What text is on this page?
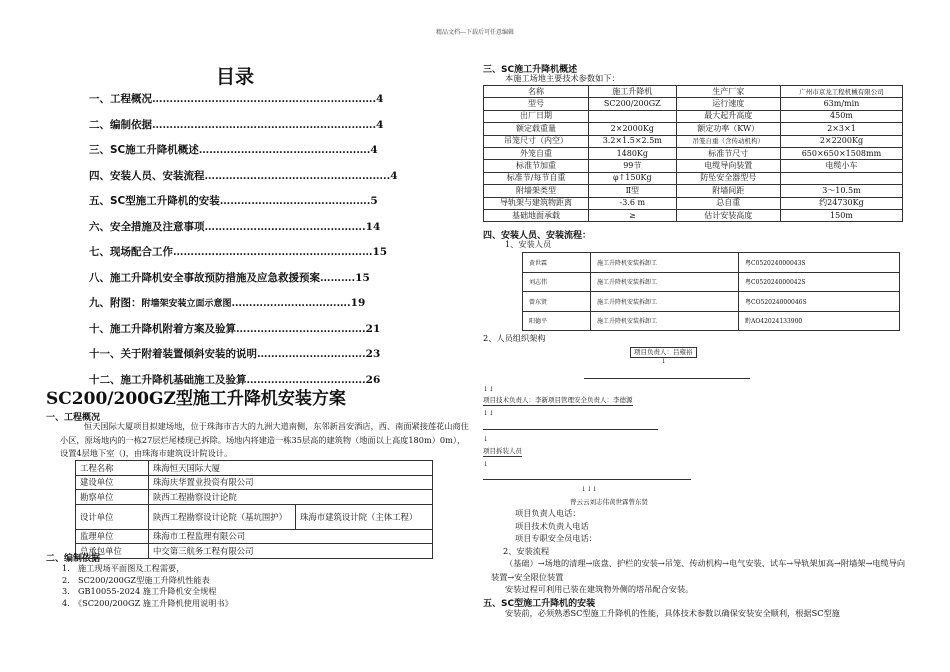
精品文档---下载后可任意编辑
目录
一、工程概况……………………………………………………….4
二、编制依据……………………………………………………….4
三、SC施工升降机概述………………………………………….4
四、安装人员、安装流程……………………………………………..4
五、SC型施工升降机的安装…………………………………….5
六、安全措施及注意事项……………………………………….14
七、现场配合工作…………………………………………………15
八、施工升降机安全事故预防措施及应急救援预案……….15
九、附图：附墙架安装立面示意图…………………………….19
十、施工升降机附着方案及验算……………………………….21
十一、关于附着装置倾斜安装的说明………………………….23
十二、施工升降机基础施工及验算…………………………….26
SC200/200GZ型施工升降机安装方案
一、工程概况
恒天国际大厦项目拟建场地，位于珠海市吉大的九洲大道南侧，东邻新昌安酒店，西、南面紧接莲花山商住小区，原场地内的一栋27层烂尾楼现已拆除。场地内将建造一栋35层高的建筑物（地面以上高度180m）0m），设置4层地下室（)，由珠海市建筑设计院设计。
工程名称	珠海恒天国际大厦	
建设单位	珠海庆华置业投资有限公司	
勘察单位	陕西工程勘察设计论院	
设计单位	陕西工程勘察设计论院（基坑围护）	珠海市建筑设计院（主体工程）
监理单位	珠海市工程监理有限公司	
总承包单位	中交第三航务工程有限公司	
二、编制依据
1.　施工现场平面图及工程需要，
2.　SC200/200GZ型施工升降机性能表
3.　GB10055-2024 施工升降机安全规程
4.　《SC200/200GZ 施工升降机使用说明书》
三、SC施工升降机概述
本施工场地主要技术参数如下：
名称	施工升降机	生产厂家	广州市京龙工程机械有限公司
型号	SC200/200GZ	运行速度	63m/min
出厂日期		最大起升高度	450m
额定载重量	2×2000Kg	额定功率（KW）	2×3×1
吊笼尺寸（内空）	3.2×1.5×2.5m	吊笼自重（含传动机构）	2×2200Kg
外笼自重	1480Kg	标准节尺寸	650×650×1508mm
标准节加重	99节	电缆导向装置	电缆小车
标准节/每节自重	φ↑150Kg	防坠安全器型号	
附墙架类型	Ⅱ型	附墙间距	3～10.5m
导轨架与建筑物距离	-3.6 m	总自重	约24730Kg
基础地面承载	≥	估计安装高度	150m
四、安装人员、安装流程：
1、安装人员
黄世霖	施工升降机安装拆卸工	粤C052024000043S
刘志伟	施工升降机安装拆卸工	粤C052024000042S
曾东贤	施工升降机安装拆卸工	粤CO52024000046S
阳德平	施工升降机安装拆卸工	黔AO42024133900
2、人员组织架构
项目负责人：吕雍裕
↓
↓↓
项目技术负责人：李新项目管理安全负责人：李德源
↓↓
↓
项目拆装人员
↓
↓↓↓
曾云云刘志伟黄世霖曾东贤
项目负责人电话：
项目技术负责人电话
项目专职安全员电话：
2、安装流程
（基础）→场地的清理→底盘、护栏的安装→吊笼、传动机构→电气安装、试车→导轨架加高→附墙架→电缆导向装置→安全限位装置
安装过程可利用已装在建筑物外侧的塔吊配合安装。
五、SC型施工升降机的安装
安装前，必须熟悉SC型施工升降机的性能，具体技术参数以确保安装安全顺利，根据SC型施
